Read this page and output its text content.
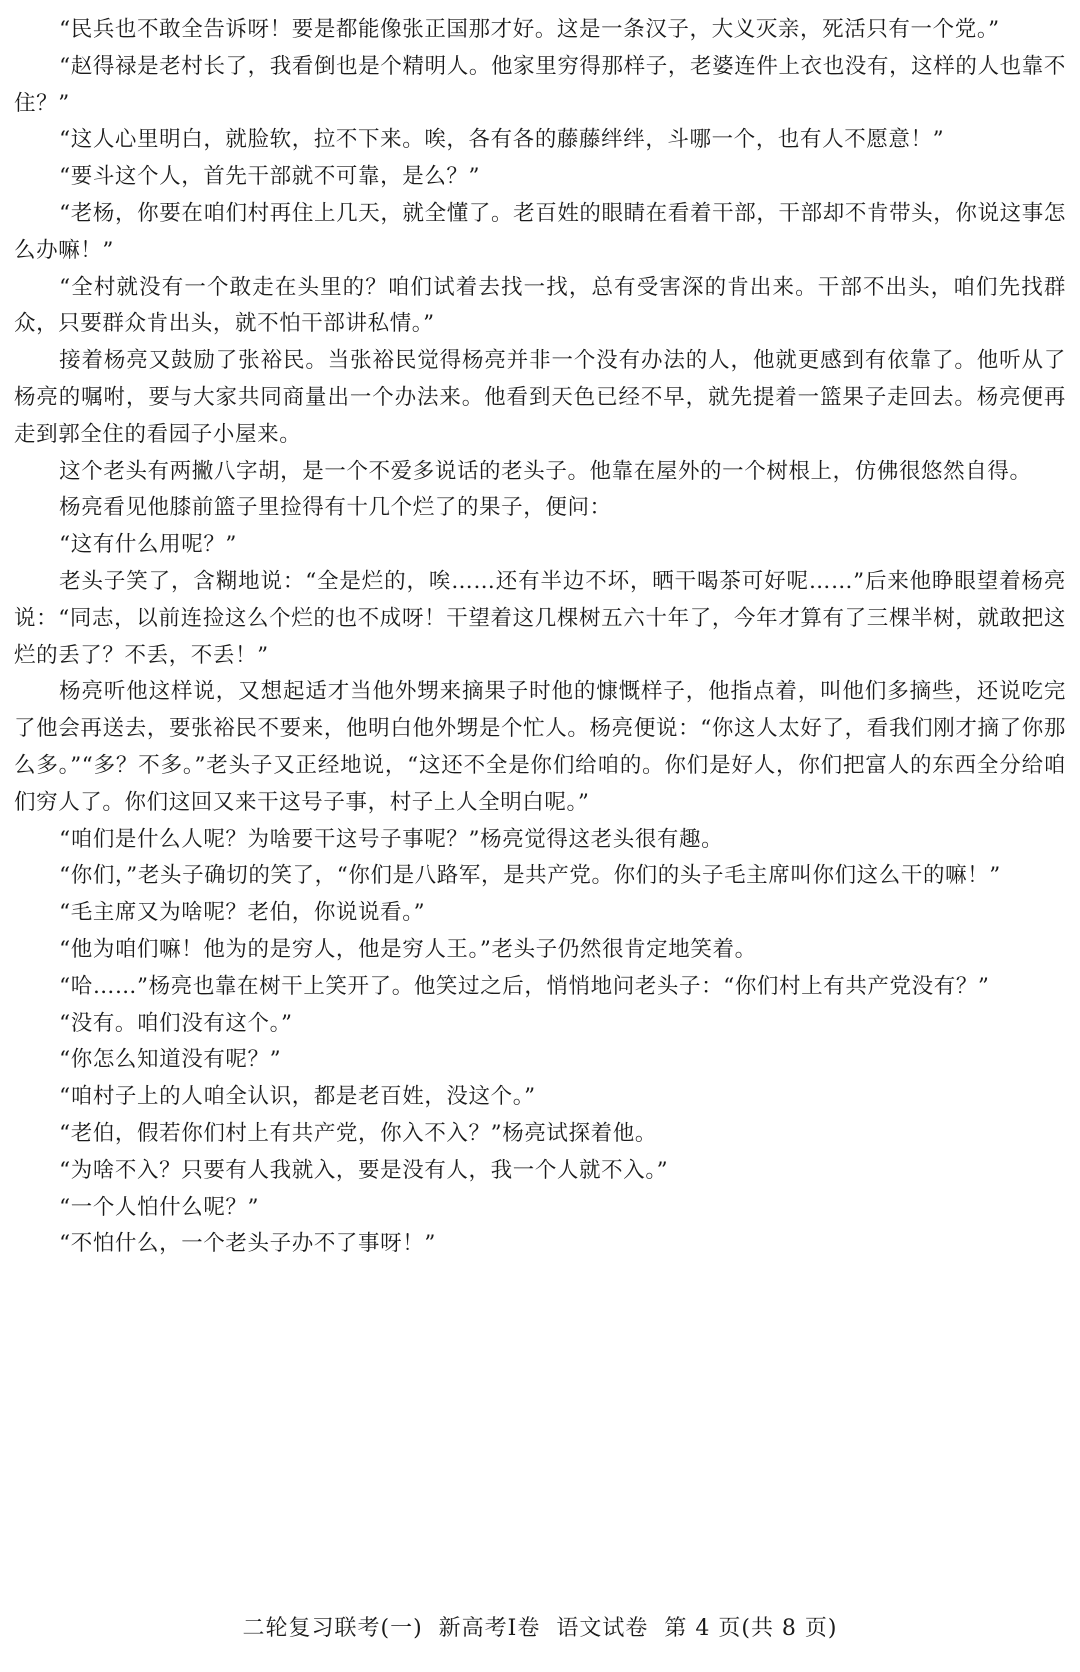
“民兵也不敢全告诉呀！要是都能像张正国那才好。这是一条汉子，大义灭亲，死活只有一个党。”

“赵得禄是老村长了，我看倒也是个精明人。他家里穷得那样子，老婆连件上衣也没有，这样的人也靠不住？”

“这人心里明白，就脸软，拉不下来。唉，各有各的藤藤绊绊，斗哪一个，也有人不愿意！”

“要斗这个人，首先干部就不可靠，是么？”

“老杨，你要在咱们村再住上几天，就全懂了。老百姓的眼睛在看着干部，干部却不肯带头，你说这事怎么办嘛！”

“全村就没有一个敢走在头里的？咱们试着去找一找，总有受害深的肯出来。干部不出头，咱们先找群众，只要群众肯出头，就不怕干部讲私情。”

接着杨亮又鼓励了张裕民。当张裕民觉得杨亮并非一个没有办法的人，他就更感到有依靠了。他听从了杨亮的嘱咐，要与大家共同商量出一个办法来。他看到天色已经不早，就先提着一篮果子走回去。杨亮便再走到郭全住的看园子小屋来。

这个老头有两撇八字胡，是一个不爱多说话的老头子。他靠在屋外的一个树根上，仿佛很悠然自得。

杨亮看见他膝前篮子里捡得有十几个烂了的果子，便问：

“这有什么用呢？”

老头子笑了，含糊地说：“全是烂的，唉……还有半边不坏，晒干喝茶可好呢……”后来他睁眼望着杨亮说：“同志，以前连捡这么个烂的也不成呀！干望着这几棵树五六十年了，今年才算有了三棵半树，就敢把这烂的丢了？不丢，不丢！”

杨亮听他这样说，又想起适才当他外甥来摘果子时他的慷慨样子，他指点着，叫他们多摘些，还说吃完了他会再送去，要张裕民不要来，他明白他外甥是个忙人。杨亮便说：“你这人太好了，看我们刚才摘了你那么多。”“多？不多。”老头子又正经地说，“这还不全是你们给咱的。你们是好人，你们把富人的东西全分给咱们穷人了。你们这回又来干这号子事，村子上人全明白呢。”

“咱们是什么人呢？为啥要干这号子事呢？”杨亮觉得这老头很有趣。

“你们，”老头子确切的笑了，“你们是八路军，是共产党。你们的头子毛主席叫你们这么干的嘛！”

“毛主席又为啥呢？老伯，你说说看。”

“他为咱们嘛！他为的是穷人，他是穷人王。”老头子仍然很肯定地笑着。

“哈……”杨亮也靠在树干上笑开了。他笑过之后，悄悄地问老头子：“你们村上有共产党没有？”

“没有。咱们没有这个。”

“你怎么知道没有呢？”

“咱村子上的人咱全认识，都是老百姓，没这个。”

“老伯，假若你们村上有共产党，你入不入？”杨亮试探着他。

“为啥不入？只要有人我就入，要是没有人，我一个人就不入。”

“一个人怕什么呢？”

“不怕什么，一个老头子办不了事呀！”

二轮复习联考(一) 新高考Ⅰ卷 语文试卷 第 4 页(共 8 页)
